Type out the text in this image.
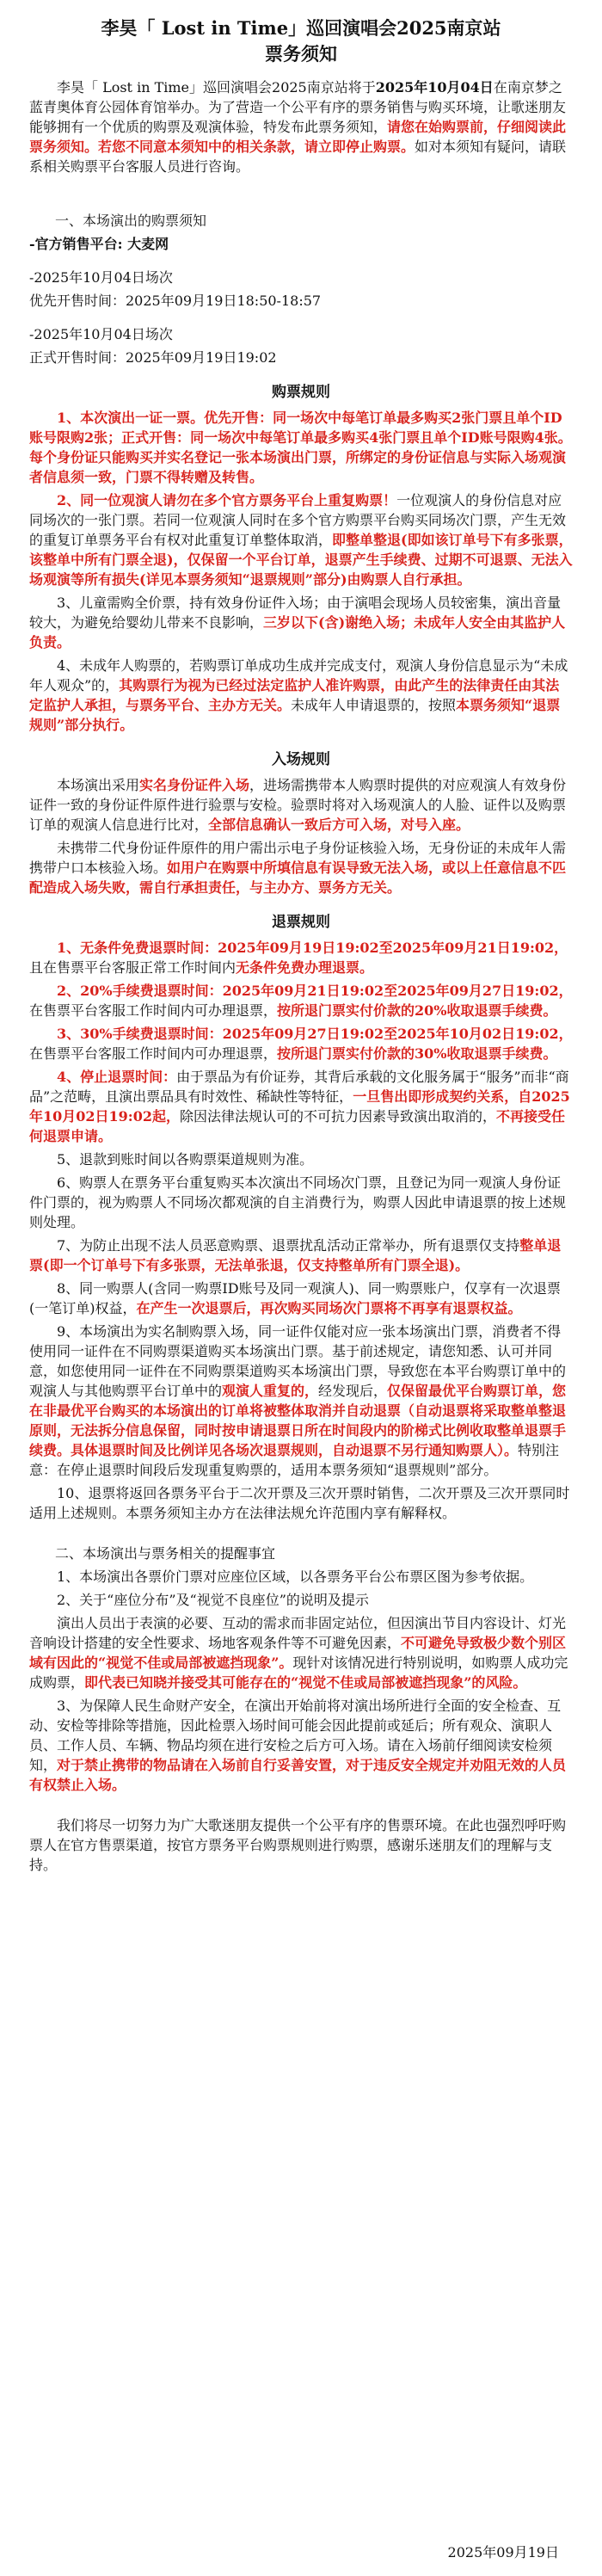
李昊「 Lost in Time」巡回演唱会2025南京站
票务须知

李昊「 Lost in Time」巡回演唱会2025南京站将于2025年10月04日在南京梦之蓝青奥体育公园体育馆举办。为了营造一个公平有序的票务销售与购买环境，让歌迷朋友能够拥有一个优质的购票及观演体验，特发布此票务须知，请您在始购票前，仔细阅读此票务须知。若您不同意本须知中的相关条款，请立即停止购票。如对本须知有疑问，请联系相关购票平台客服人员进行咨询。

一、本场演出的购票须知

-官方销售平台: 大麦网

-2025年10月04日场次

优先开售时间：2025年09月19日18:50-18:57

-2025年10月04日场次

正式开售时间：2025年09月19日19:02

购票规则

1、本次演出一证一票。优先开售：同一场次中每笔订单最多购买2张门票且单个ID账号限购2张；正式开售：同一场次中每笔订单最多购买4张门票且单个ID账号限购4张。每个身份证只能购买并实名登记一张本场演出门票，所绑定的身份证信息与实际入场观演者信息须一致，门票不得转赠及转售。

2、同一位观演人请勿在多个官方票务平台上重复购票！一位观演人的身份信息对应同场次的一张门票。若同一位观演人同时在多个官方购票平台购买同场次门票，产生无效的重复订单票务平台有权对此重复订单整体取消，即整单整退(即如该订单号下有多张票，该整单中所有门票全退)，仅保留一个平台订单，退票产生手续费、过期不可退票、无法入场观演等所有损失(详见本票务须知“退票规则”部分)由购票人自行承担。

3、儿童需购全价票，持有效身份证件入场；由于演唱会现场人员较密集，演出音量较大，为避免给婴幼儿带来不良影响，三岁以下(含)谢绝入场；未成年人安全由其监护人负责。

4、未成年人购票的，若购票订单成功生成并完成支付，观演人身份信息显示为“未成年人观众”的，其购票行为视为已经过法定监护人准许购票，由此产生的法律责任由其法定监护人承担，与票务平台、主办方无关。未成年人申请退票的，按照本票务须知“退票规则”部分执行。

入场规则

本场演出采用实名身份证件入场，进场需携带本人购票时提供的对应观演人有效身份证件一致的身份证件原件进行验票与安检。验票时将对入场观演人的人脸、证件以及购票订单的观演人信息进行比对，全部信息确认一致后方可入场，对号入座。

未携带二代身份证件原件的用户需出示电子身份证核验入场，无身份证的未成年人需携带户口本核验入场。如用户在购票中所填信息有误导致无法入场，或以上任意信息不匹配造成入场失败，需自行承担责任，与主办方、票务方无关。

退票规则

1、无条件免费退票时间：2025年09月19日19:02至2025年09月21日19:02，且在售票平台客服正常工作时间内无条件免费办理退票。

2、20%手续费退票时间：2025年09月21日19:02至2025年09月27日19:02，在售票平台客服工作时间内可办理退票，按所退门票实付价款的20%收取退票手续费。

3、30%手续费退票时间：2025年09月27日19:02至2025年10月02日19:02，在售票平台客服工作时间内可办理退票，按所退门票实付价款的30%收取退票手续费。

4、停止退票时间：由于票品为有价证券，其背后承载的文化服务属于“服务”而非“商品”之范畴，且演出票品具有时效性、稀缺性等特征，一旦售出即形成契约关系，自2025年10月02日19:02起，除因法律法规认可的不可抗力因素导致演出取消的，不再接受任何退票申请。

5、退款到账时间以各购票渠道规则为准。

6、购票人在票务平台重复购买本次演出不同场次门票，且登记为同一观演人身份证件门票的，视为购票人不同场次都观演的自主消费行为，购票人因此申请退票的按上述规则处理。

7、为防止出现不法人员恶意购票、退票扰乱活动正常举办，所有退票仅支持整单退票(即一个订单号下有多张票，无法单张退，仅支持整单所有门票全退)。

8、同一购票人(含同一购票ID账号及同一观演人)、同一购票账户，仅享有一次退票(一笔订单)权益，在产生一次退票后，再次购买同场次门票将不再享有退票权益。

9、本场演出为实名制购票入场，同一证件仅能对应一张本场演出门票，消费者不得使用同一证件在不同购票渠道购买本场演出门票。基于前述规定，请您知悉、认可并同意，如您使用同一证件在不同购票渠道购买本场演出门票，导致您在本平台购票订单中的观演人与其他购票平台订单中的观演人重复的，经发现后，仅保留最优平台购票订单，您在非最优平台购买的本场演出的订单将被整体取消并自动退票（自动退票将采取整单整退原则，无法拆分信息保留，同时按申请退票日所在时间段内的阶梯式比例收取整单退票手续费。具体退票时间及比例详见各场次退票规则，自动退票不另行通知购票人）。特别注意：在停止退票时间段后发现重复购票的，适用本票务须知“退票规则”部分。

10、退票将返回各票务平台于二次开票及三次开票时销售，二次开票及三次开票同时适用上述规则。本票务须知主办方在法律法规允许范围内享有解释权。

二、本场演出与票务相关的提醒事宜

1、本场演出各票价门票对应座位区域，以各票务平台公布票区图为参考依据。

2、关于“座位分布”及“视觉不良座位”的说明及提示

演出人员出于表演的必要、互动的需求而非固定站位，但因演出节目内容设计、灯光音响设计搭建的安全性要求、场地客观条件等不可避免因素，不可避免导致极少数个别区域有因此的“视觉不佳或局部被遮挡现象”。现针对该情况进行特别说明，如购票人成功完成购票，即代表已知晓并接受其可能存在的“视觉不佳或局部被遮挡现象”的风险。

3、为保障人民生命财产安全，在演出开始前将对演出场所进行全面的安全检查、互动、安检等排除等措施，因此检票入场时间可能会因此提前或延后；所有观众、演职人员、工作人员、车辆、物品均须在进行安检之后方可入场。请在入场前仔细阅读安检须知，对于禁止携带的物品请在入场前自行妥善安置，对于违反安全规定并劝阻无效的人员有权禁止入场。

我们将尽一切努力为广大歌迷朋友提供一个公平有序的售票环境。在此也强烈呼吁购票人在官方售票渠道，按官方票务平台购票规则进行购票，感谢乐迷朋友们的理解与支持。

2025年09月19日
